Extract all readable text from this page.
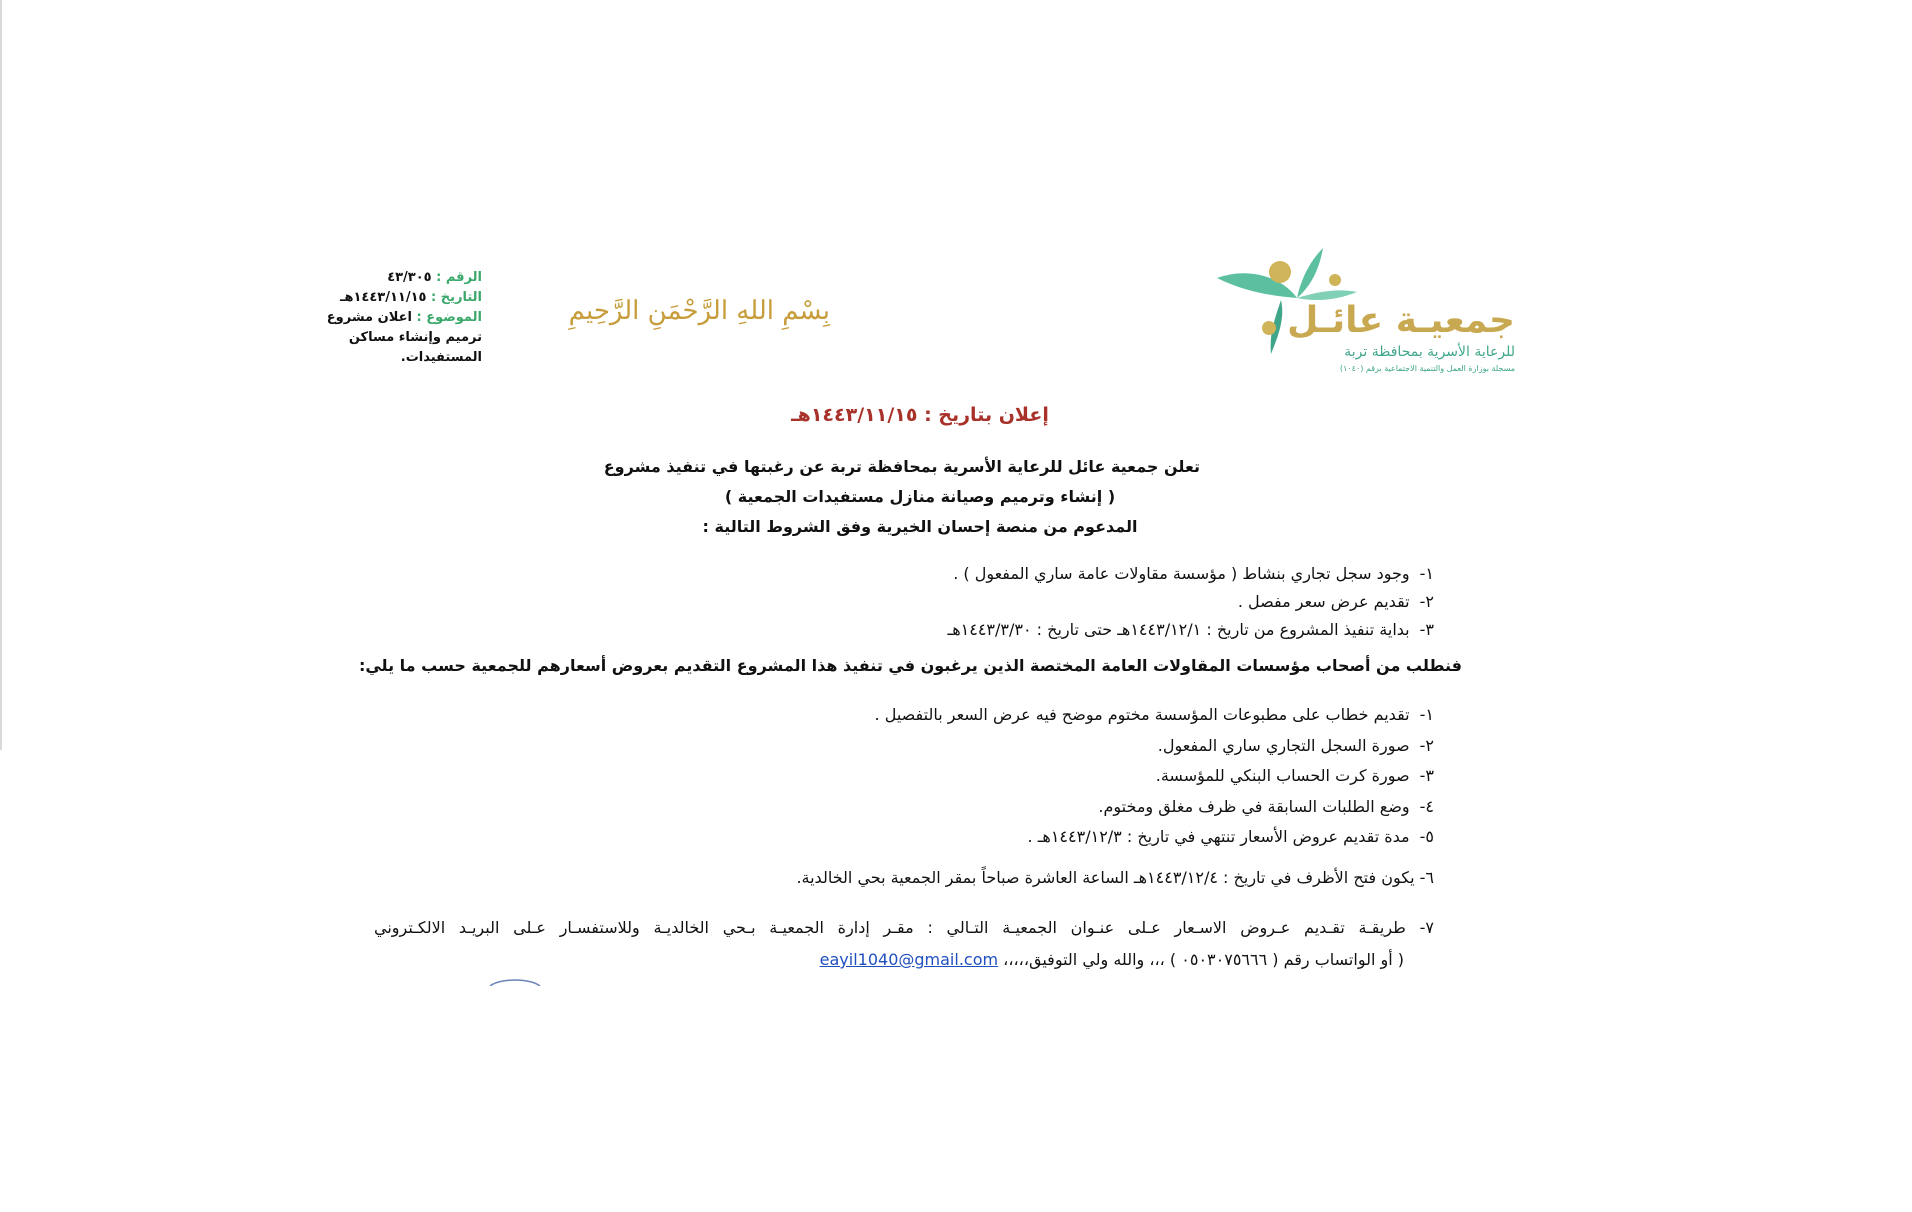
الرقم : ٤٣/٣٠٥
التاريخ : ١٤٤٣/١١/١٥هـ
الموضوع : اعلان مشروع
ترميم وإنشاء مساكن
المستفيدات.
بِسْمِ اللهِ الرَّحْمَنِ الرَّحِيمِ	جمعيـة عائـل
للرعاية الأسرية بمحافظة تربة
مسجلة بوزارة العمل والتنمية الاجتماعية برقم (١٠٤٠)
إعلان بتاريخ : ١٤٤٣/١١/١٥هـ
تعلن جمعية عائل للرعاية الأسرية بمحافظة تربة عن رغبتها في تنفيذ مشروع
( إنشاء وترميم وصيانة منازل مستفيدات الجمعية )
المدعوم من منصة إحسان الخيرية وفق الشروط التالية :
١-وجود سجل تجاري بنشاط ( مؤسسة مقاولات عامة ساري المفعول ) .
٢-تقديم عرض سعر مفصل .
٣-بداية تنفيذ المشروع من تاريخ : ١٤٤٣/١٢/١هـ حتى تاريخ : ١٤٤٣/٣/٣٠هـ
فنطلب من أصحاب مؤسسات المقاولات العامة المختصة الذين يرغبون في تنفيذ هذا المشروع التقديم بعروض أسعارهم للجمعية حسب ما يلي:
١-تقديم خطاب على مطبوعات المؤسسة مختوم موضح فيه عرض السعر بالتفصيل .
٢-صورة السجل التجاري ساري المفعول.
٣-صورة كرت الحساب البنكي للمؤسسة.
٤-وضع الطلبات السابقة في ظرف مغلق ومختوم.
٥-مدة تقديم عروض الأسعار تنتهي في تاريخ : ١٤٤٣/١٢/٣هـ .
٦- يكون فتح الأظرف في تاريخ : ١٤٤٣/١٢/٤هـ الساعة العاشرة صباحاً بمقر الجمعية بحي الخالدية.
٧- طريقـة تقـديم عـروض الاسـعار عـلى عنـوان الجمعيـة التـالي : مقـر إدارة الجمعيـة بـحي الخالديـة وللاستفسـار عـلى البريـد الالكـتروني
( أو الواتساب رقم ( ٠٥٠٣٠٧٥٦٦٦ ) ،،، والله ولي التوفيق،،،،، eayil1040@gmail.com
